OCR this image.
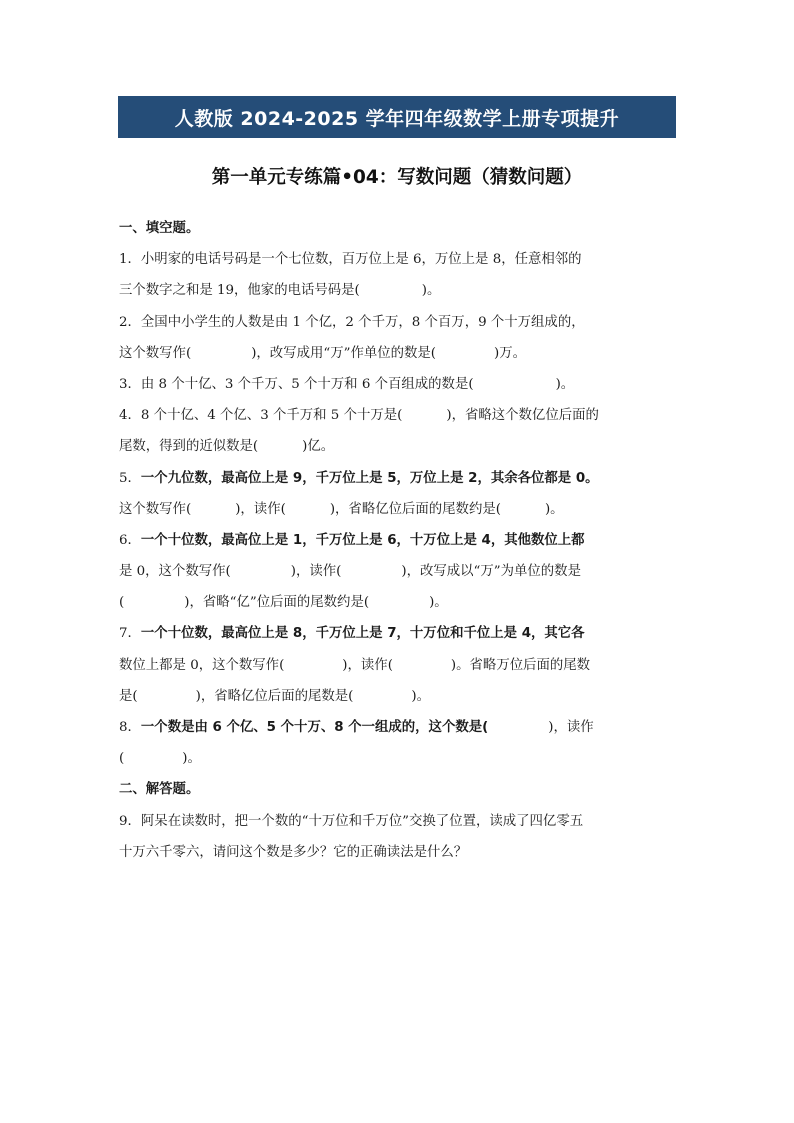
人教版 2024-2025 学年四年级数学上册专项提升
第一单元专练篇•04：写数问题（猜数问题）
一、填空题。
1．小明家的电话号码是一个七位数，百万位上是 6，万位上是 8，任意相邻的
三个数字之和是 19，他家的电话号码是(	)。
2．全国中小学生的人数是由 1 个亿，2 个千万，8 个百万，9 个十万组成的，
这个数写作(	)，改写成用“万”作单位的数是(	)万。
3．由 8 个十亿、3 个千万、5 个十万和 6 个百组成的数是(	)。
4．8 个十亿、4 个亿、3 个千万和 5 个十万是(	)，省略这个数亿位后面的
尾数，得到的近似数是(	)亿。
5．一个九位数，最高位上是 9，千万位上是 5，万位上是 2，其余各位都是 0。
这个数写作(	)，读作(	)，省略亿位后面的尾数约是(	)。
6．一个十位数，最高位上是 1，千万位上是 6，十万位上是 4，其他数位上都
是 0，这个数写作(	)，读作(	)，改写成以“万”为单位的数是
(	)，省略“亿”位后面的尾数约是(	)。
7．一个十位数，最高位上是 8，千万位上是 7，十万位和千位上是 4，其它各
数位上都是 0，这个数写作(	)，读作(	)。省略万位后面的尾数
是(	)，省略亿位后面的尾数是(	)。
8．一个数是由 6 个亿、5 个十万、8 个一组成的，这个数是(	)，读作
(	)。
二、解答题。
9．阿呆在读数时，把一个数的“十万位和千万位”交换了位置，读成了四亿零五
十万六千零六，请问这个数是多少？它的正确读法是什么？
